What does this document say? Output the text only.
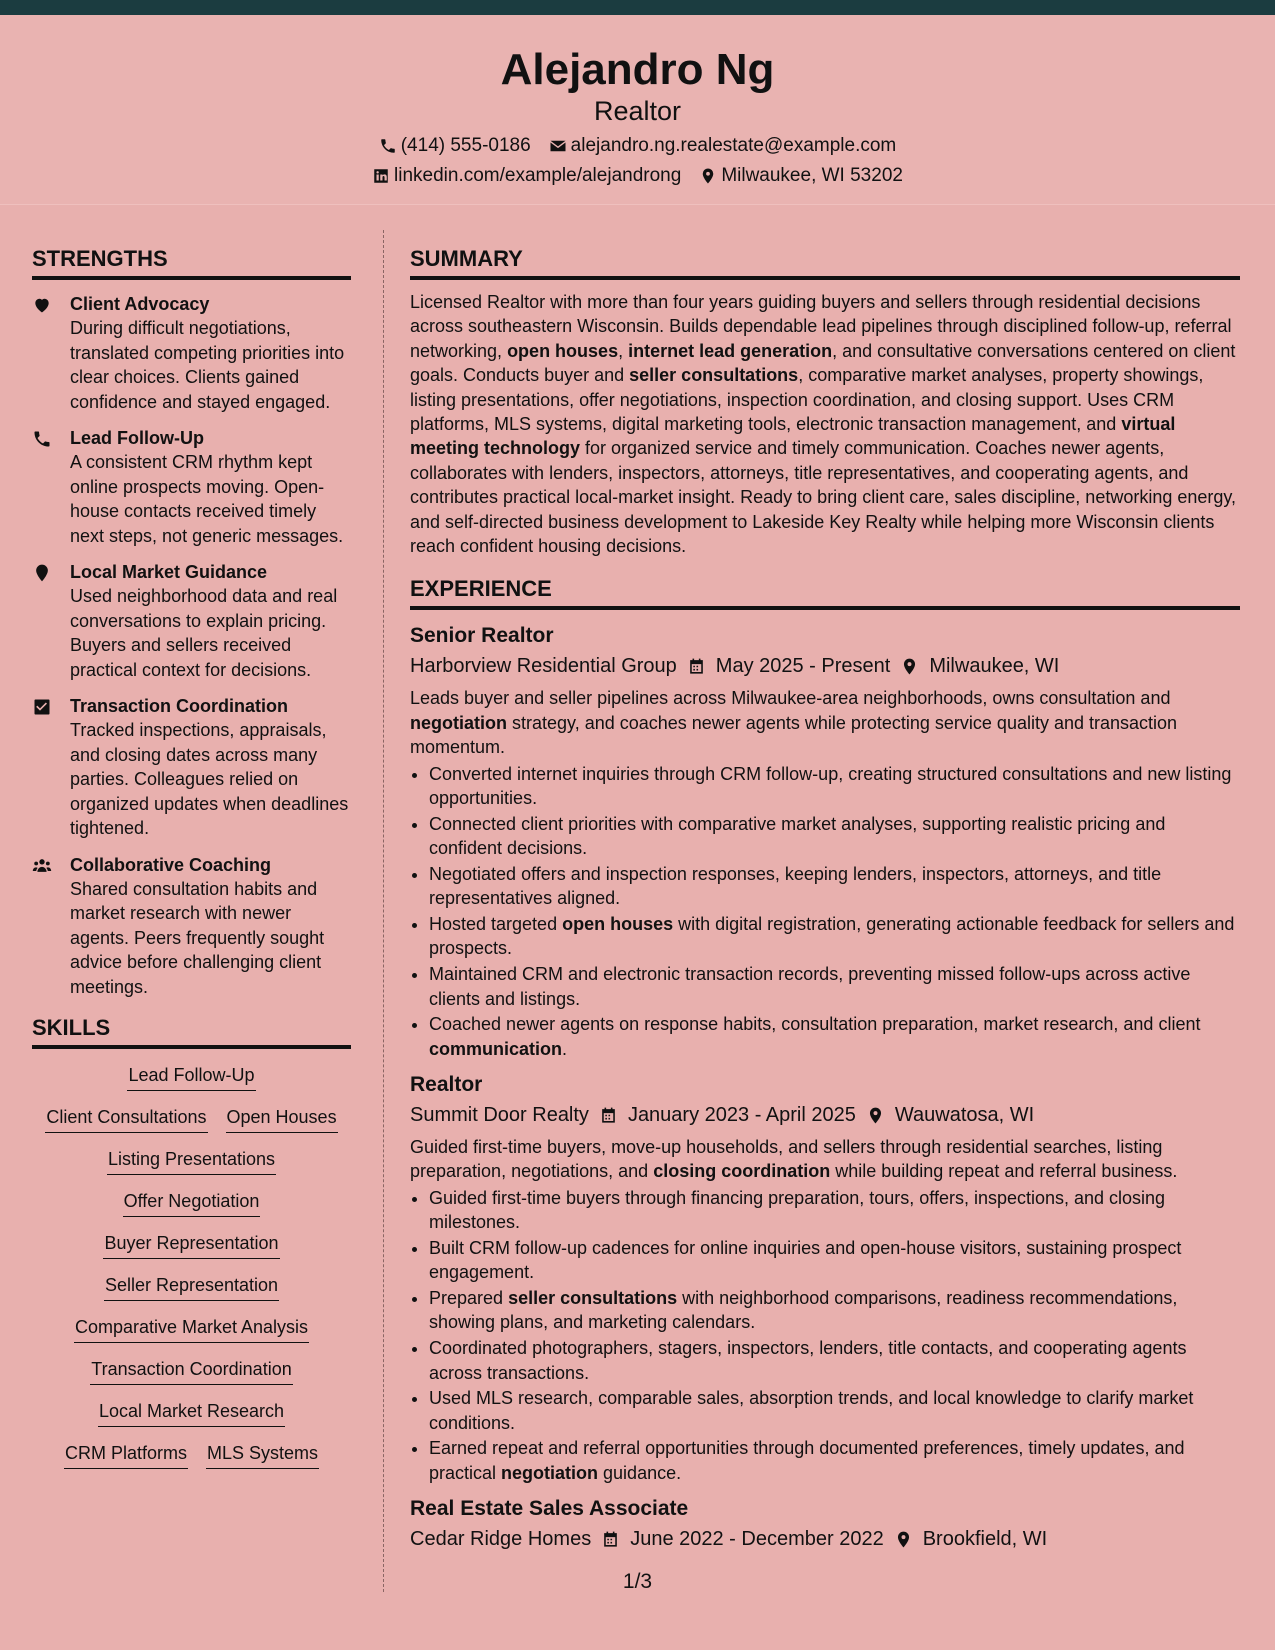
Alejandro Ng
Realtor
(414) 555-0186 alejandro.ng.realestate@example.com
linkedin.com/example/alejandrong Milwaukee, WI 53202
STRENGTHS
Client Advocacy
During difficult negotiations, translated competing priorities into clear choices. Clients gained confidence and stayed engaged.
Lead Follow-Up
A consistent CRM rhythm kept online prospects moving. Open-house contacts received timely next steps, not generic messages.
Local Market Guidance
Used neighborhood data and real conversations to explain pricing. Buyers and sellers received practical context for decisions.
Transaction Coordination
Tracked inspections, appraisals, and closing dates across many parties. Colleagues relied on organized updates when deadlines tightened.
Collaborative Coaching
Shared consultation habits and market research with newer agents. Peers frequently sought advice before challenging client meetings.
SKILLS
Lead Follow-Up
Client Consultations Open Houses
Listing Presentations
Offer Negotiation
Buyer Representation
Seller Representation
Comparative Market Analysis
Transaction Coordination
Local Market Research
CRM Platforms MLS Systems
SUMMARY

Licensed Realtor with more than four years guiding buyers and sellers through residential decisions across southeastern Wisconsin. Builds dependable lead pipelines through disciplined follow-up, referral networking, open houses, internet lead generation, and consultative conversations centered on client goals. Conducts buyer and seller consultations, comparative market analyses, property showings, listing presentations, offer negotiations, inspection coordination, and closing support. Uses CRM platforms, MLS systems, digital marketing tools, electronic transaction management, and virtual meeting technology for organized service and timely communication. Coaches newer agents, collaborates with lenders, inspectors, attorneys, title representatives, and cooperating agents, and contributes practical local-market insight. Ready to bring client care, sales discipline, networking energy, and self-directed business development to Lakeside Key Realty while helping more Wisconsin clients reach confident housing decisions.

EXPERIENCE
Senior Realtor
Harborview Residential Group May 2025 - Present Milwaukee, WI

Leads buyer and seller pipelines across Milwaukee-area neighborhoods, owns consultation and negotiation strategy, and coaches newer agents while protecting service quality and transaction momentum.

• Converted internet inquiries through CRM follow-up, creating structured consultations and new listing opportunities.
• Connected client priorities with comparative market analyses, supporting realistic pricing and confident decisions.
• Negotiated offers and inspection responses, keeping lenders, inspectors, attorneys, and title representatives aligned.
• Hosted targeted open houses with digital registration, generating actionable feedback for sellers and prospects.
• Maintained CRM and electronic transaction records, preventing missed follow-ups across active clients and listings.
• Coached newer agents on response habits, consultation preparation, market research, and client communication.
Realtor
Summit Door Realty January 2023 - April 2025 Wauwatosa, WI

Guided first-time buyers, move-up households, and sellers through residential searches, listing preparation, negotiations, and closing coordination while building repeat and referral business.

• Guided first-time buyers through financing preparation, tours, offers, inspections, and closing milestones.
• Built CRM follow-up cadences for online inquiries and open-house visitors, sustaining prospect engagement.
• Prepared seller consultations with neighborhood comparisons, readiness recommendations, showing plans, and marketing calendars.
• Coordinated photographers, stagers, inspectors, lenders, title contacts, and cooperating agents across transactions.
• Used MLS research, comparable sales, absorption trends, and local knowledge to clarify market conditions.
• Earned repeat and referral opportunities through documented preferences, timely updates, and practical negotiation guidance.
Real Estate Sales Associate
Cedar Ridge Homes June 2022 - December 2022 Brookfield, WI
1/3
